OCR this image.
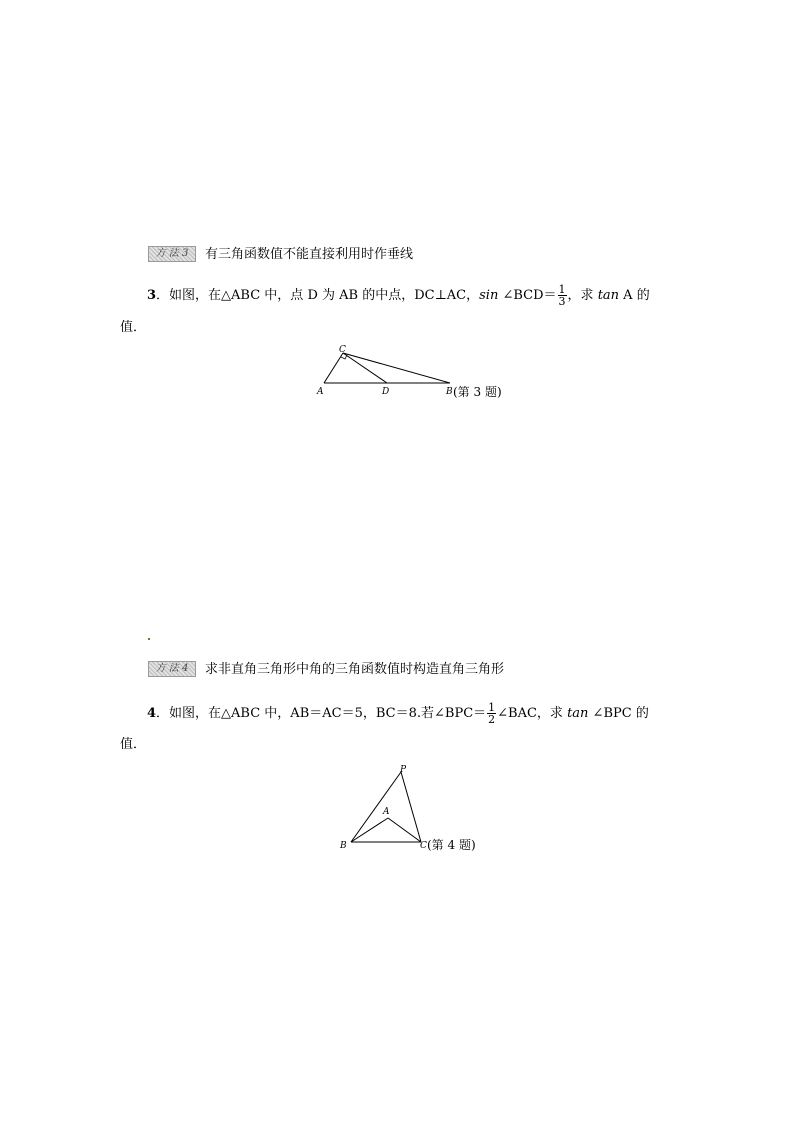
方 法 3	有三角函数值不能直接利用时作垂线
3．如图，在△ABC 中，点 D 为 AB 的中点，DC⊥AC，sin ∠BCD＝ $\frac{1}{3}$ ，求 tan A 的
值．
C
A	D	B (第 3 题)
方 法 4	求非直角三角形中角的三角函数值时构造直角三角形
4．如图，在△ABC 中，AB＝AC＝5，BC＝8.若∠BPC＝ $\frac{1}{2}$ ∠BAC，求 tan ∠BPC 的
值．
P
A
B	C (第 4 题)
